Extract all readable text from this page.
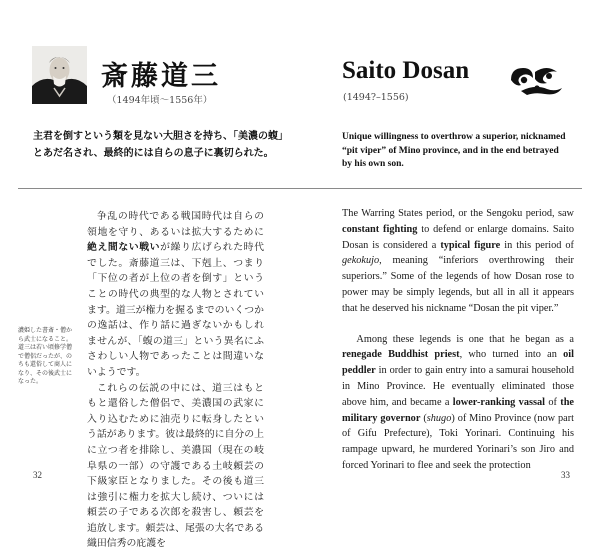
斎藤道三
（1494年頃〜1556年）
主君を倒すという類を見ない大胆さを持ち、「美濃の蝮」とあだ名され、最終的には自らの息子に裏切られた。
Saito Dosan
(1494?–1556)
Unique willingness to overthrow a superior, nicknamed “pit viper” of Mino province, and in the end betrayed by his own son.
濃姫した書斎・僧から武士になること。道三は若い頃修学僧で僧侶だったが、のちも還俗して商人になり、その後武士になった。

争乱の時代である戦国時代は自らの領地を守り、あるいは拡大するために絶え間ない戦いが繰り広げられた時代でした。斎藤道三は、下剋上、つまり「下位の者が上位の者を倒す」ということの時代の典型的な人物とされています。道三が権力を握るまでのいくつかの逸話は、作り話に過ぎないかもしれませんが、「蝮の道三」という異名にふさわしい人物であったことは間違いないようです。

これらの伝説の中には、道三はもともと還俗した僧侶で、美濃国の武家に入り込むために油売りに転身したという話があります。彼は最終的に自分の上に立つ者を排除し、美濃国（現在の岐阜県の一部）の守護である土岐頼芸の下級家臣となりました。その後も道三は強引に権力を拡大し続け、ついには頼芸の子である次郎を殺害し、頼芸を追放します。頼芸は、尾張の大名である織田信秀の庇護を

The Warring States period, or the Sengoku period, saw constant fighting to defend or enlarge domains. Saito Dosan is considered a typical figure in this period of gekokujo, meaning “inferiors overthrowing their superiors.” Some of the legends of how Dosan rose to power may be simply legends, but all in all it appears that he deserved his nickname “Dosan the pit viper.”

Among these legends is one that he began as a renegade Buddhist priest, who turned into an oil peddler in order to gain entry into a samurai household in Mino Province. He eventually eliminated those above him, and became a lower-ranking vassal of the military governor (shugo) of Mino Province (now part of Gifu Prefecture), Toki Yorinari. Continuing his rampage upward, he murdered Yorinari’s son Jiro and forced Yorinari to flee and seek the protection

32	33
